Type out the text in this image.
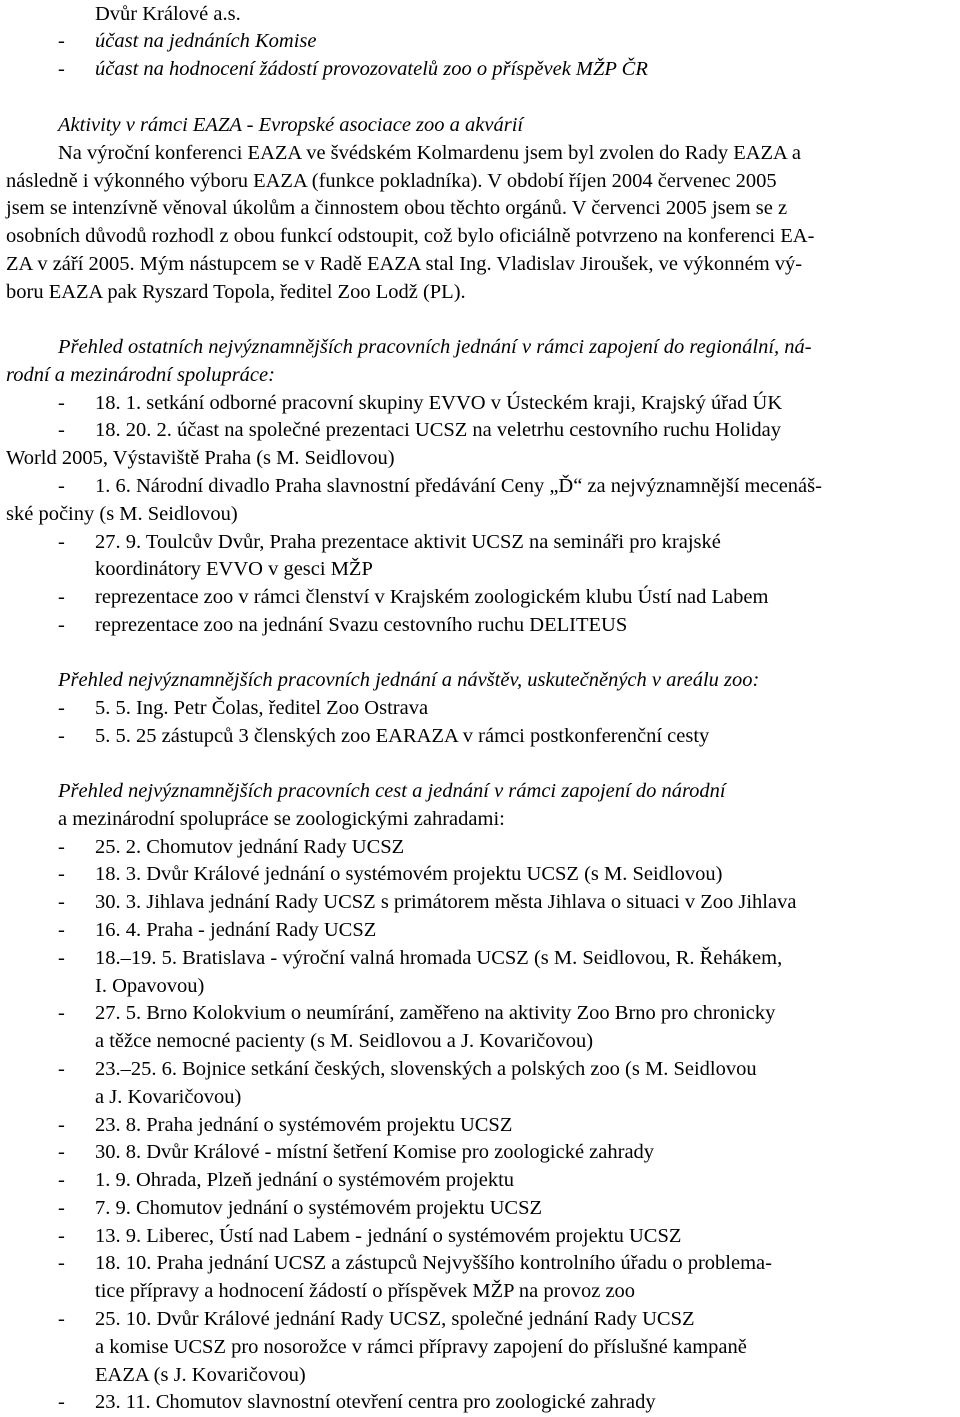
Dvůr Králové a.s.
- účast na jednáních Komise
- účast na hodnocení žádostí provozovatelů zoo o příspěvek MŽP ČR
Aktivity v rámci EAZA - Evropské asociace zoo a akvárií
Na výroční konferenci EAZA ve švédském Kolmardenu jsem byl zvolen do Rady EAZA a
následně i výkonného výboru EAZA (funkce pokladníka). V období říjen 2004 červenec 2005
jsem se intenzívně věnoval úkolům a činnostem obou těchto orgánů. V červenci 2005 jsem se z
osobních důvodů rozhodl z obou funkcí odstoupit, což bylo oficiálně potvrzeno na konferenci EA-
ZA v září 2005. Mým nástupcem se v Radě EAZA stal Ing. Vladislav Jiroušek, ve výkonném vý-
boru EAZA pak Ryszard Topola, ředitel Zoo Lodž (PL).
Přehled ostatních nejvýznamnějších pracovních jednání v rámci zapojení do regionální, ná-
rodní a mezinárodní spolupráce:
- 18. 1. setkání odborné pracovní skupiny EVVO v Ústeckém kraji, Krajský úřad ÚK
- 18. 20. 2. účast na společné prezentaci UCSZ na veletrhu cestovního ruchu Holiday
World 2005, Výstaviště Praha (s M. Seidlovou)
- 1. 6. Národní divadlo Praha slavnostní předávání Ceny „Ď“ za nejvýznamnější mecenáš-
ské počiny (s M. Seidlovou)
- 27. 9. Toulcův Dvůr, Praha prezentace aktivit UCSZ na semináři pro krajské
koordinátory EVVO v gesci MŽP
- reprezentace zoo v rámci členství v Krajském zoologickém klubu Ústí nad Labem
- reprezentace zoo na jednání Svazu cestovního ruchu DELITEUS
Přehled nejvýznamnějších pracovních jednání a návštěv, uskutečněných v areálu zoo:
- 5. 5. Ing. Petr Čolas, ředitel Zoo Ostrava
- 5. 5. 25 zástupců 3 členských zoo EARAZA v rámci postkonferenční cesty
Přehled nejvýznamnějších pracovních cest a jednání v rámci zapojení do národní
a mezinárodní spolupráce se zoologickými zahradami:
- 25. 2. Chomutov jednání Rady UCSZ
- 18. 3. Dvůr Králové jednání o systémovém projektu UCSZ (s M. Seidlovou)
- 30. 3. Jihlava jednání Rady UCSZ s primátorem města Jihlava o situaci v Zoo Jihlava
- 16. 4. Praha - jednání Rady UCSZ
- 18.–19. 5. Bratislava - výroční valná hromada UCSZ (s M. Seidlovou, R. Řehákem,
I. Opavovou)
- 27. 5. Brno Kolokvium o neumírání, zaměřeno na aktivity Zoo Brno pro chronicky
a těžce nemocné pacienty (s M. Seidlovou a J. Kovaričovou)
- 23.–25. 6. Bojnice setkání českých, slovenských a polských zoo (s M. Seidlovou
a J. Kovaričovou)
- 23. 8. Praha jednání o systémovém projektu UCSZ
- 30. 8. Dvůr Králové - místní šetření Komise pro zoologické zahrady
- 1. 9. Ohrada, Plzeň jednání o systémovém projektu
- 7. 9. Chomutov jednání o systémovém projektu UCSZ
- 13. 9. Liberec, Ústí nad Labem - jednání o systémovém projektu UCSZ
- 18. 10. Praha jednání UCSZ a zástupců Nejvyššího kontrolního úřadu o problema-
tice přípravy a hodnocení žádostí o příspěvek MŽP na provoz zoo
- 25. 10. Dvůr Králové jednání Rady UCSZ, společné jednání Rady UCSZ
a komise UCSZ pro nosorožce v rámci přípravy zapojení do příslušné kampaně
EAZA (s J. Kovaričovou)
- 23. 11. Chomutov slavnostní otevření centra pro zoologické zahrady
